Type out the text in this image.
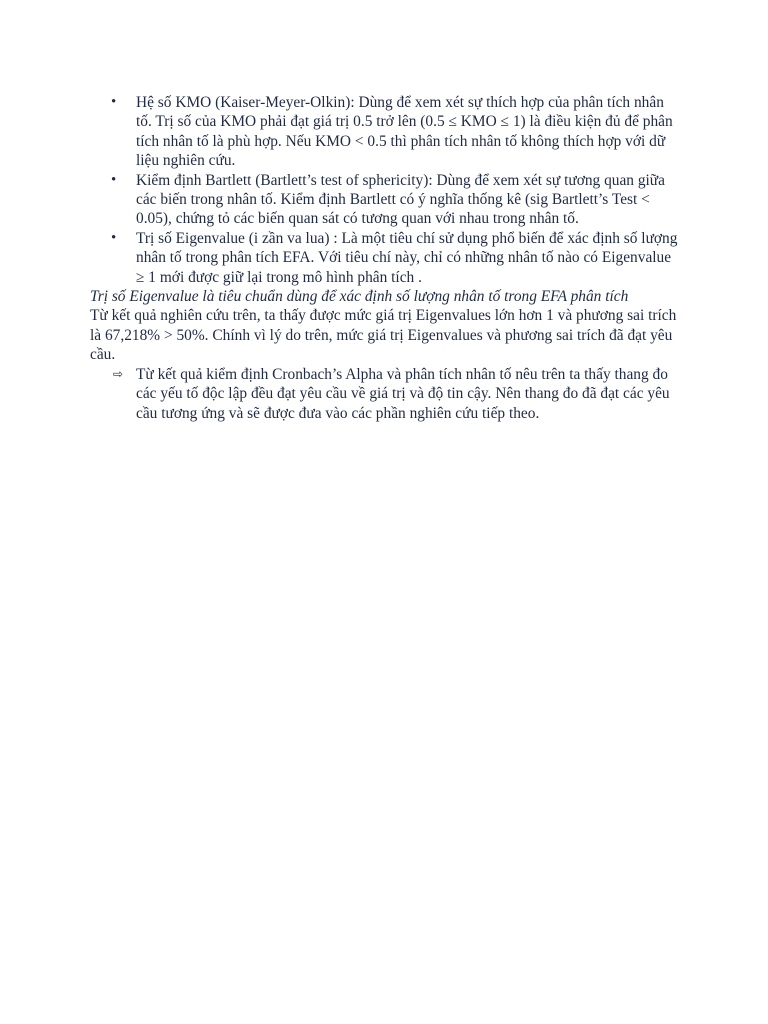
• Hệ số KMO (Kaiser-Meyer-Olkin): Dùng để xem xét sự thích hợp của phân tích nhân tố. Trị số của KMO phải đạt giá trị 0.5 trở lên (0.5 ≤ KMO ≤ 1) là điều kiện đủ để phân tích nhân tố là phù hợp. Nếu KMO < 0.5 thì phân tích nhân tố không thích hợp với dữ liệu nghiên cứu.
• Kiểm định Bartlett (Bartlett’s test of sphericity): Dùng để xem xét sự tương quan giữa các biến trong nhân tố. Kiểm định Bartlett có ý nghĩa thống kê (sig Bartlett’s Test < 0.05), chứng tỏ các biến quan sát có tương quan với nhau trong nhân tố.
• Trị số Eigenvalue (i zần va lua) : Là một tiêu chí sử dụng phổ biến để xác định số lượng nhân tố trong phân tích EFA. Với tiêu chí này, chỉ có những nhân tố nào có Eigenvalue ≥ 1 mới được giữ lại trong mô hình phân tích .

Trị số Eigenvalue là tiêu chuẩn dùng để xác định số lượng nhân tố trong EFA phân tích

Từ kết quả nghiên cứu trên, ta thấy được mức giá trị Eigenvalues lớn hơn 1 và phương sai trích là 67,218% > 50%. Chính vì lý do trên, mức giá trị Eigenvalues và phương sai trích đã đạt yêu cầu.

⇨ Từ kết quả kiểm định Cronbach’s Alpha và phân tích nhân tố nêu trên ta thấy thang đo các yếu tố độc lập đều đạt yêu cầu về giá trị và độ tin cậy. Nên thang đo đã đạt các yêu cầu tương ứng và sẽ được đưa vào các phần nghiên cứu tiếp theo.
